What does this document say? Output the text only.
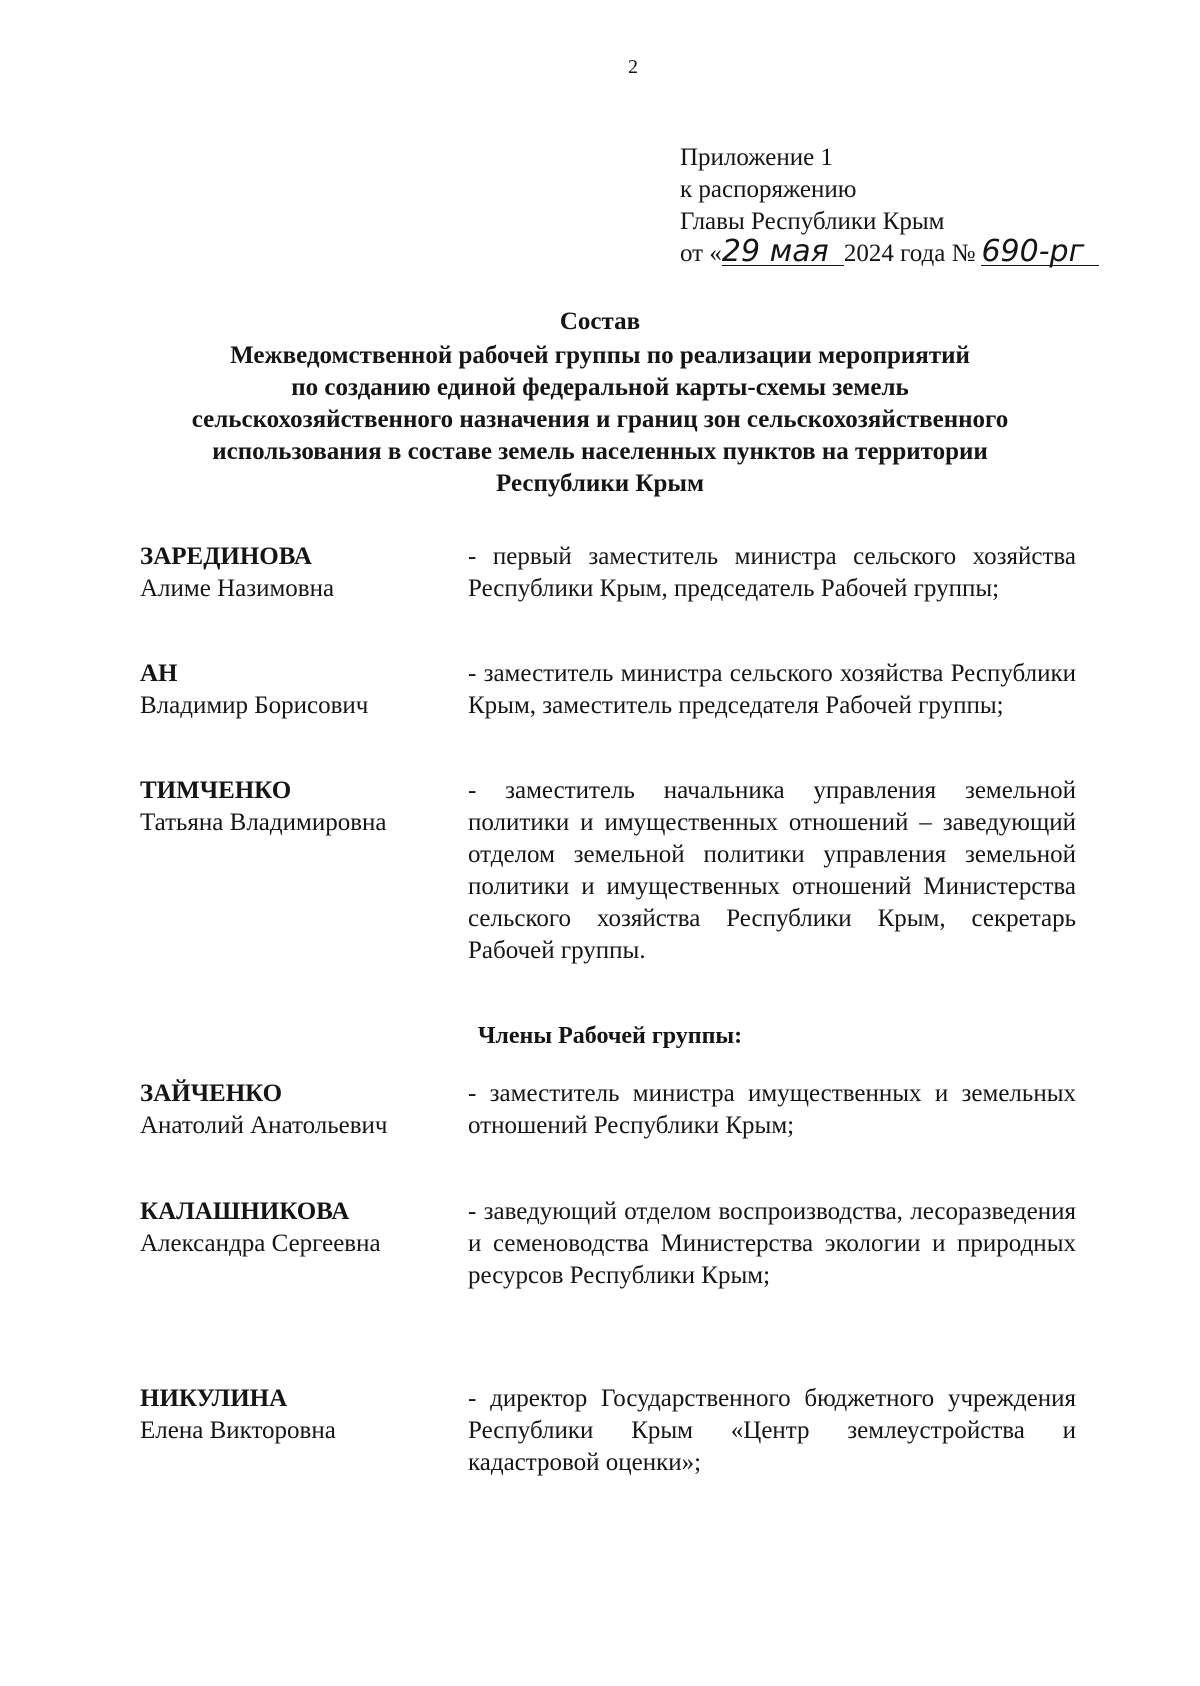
2
Приложение 1
к распоряжению
Главы Республики Крым
от «29 мая 2024 года № 690-рг
Состав
Межведомственной рабочей группы по реализации мероприятий
по созданию единой федеральной карты-схемы земель
сельскохозяйственного назначения и границ зон сельскохозяйственного
использования в составе земель населенных пунктов на территории
Республики Крым
ЗАРЕДИНОВА
Алиме Назимовна
- первый заместитель министра сельского хозяйства Республики Крым, председатель Рабочей группы;
АН
Владимир Борисович
- заместитель министра сельского хозяйства Республики Крым, заместитель председателя Рабочей группы;
ТИМЧЕНКО
Татьяна Владимировна
- заместитель начальника управления земельной политики и имущественных отношений – заведующий отделом земельной политики управления земельной политики и имущественных отношений Министерства сельского хозяйства Республики Крым, секретарь Рабочей группы.
Члены Рабочей группы:
ЗАЙЧЕНКО
Анатолий Анатольевич
- заместитель министра имущественных и земельных отношений Республики Крым;
КАЛАШНИКОВА
Александра Сергеевна
- заведующий отделом воспроизводства, лесоразведения и семеноводства Министерства экологии и природных ресурсов Республики Крым;
НИКУЛИНА
Елена Викторовна
- директор Государственного бюджетного учреждения Республики Крым «Центр землеустройства и кадастровой оценки»;
